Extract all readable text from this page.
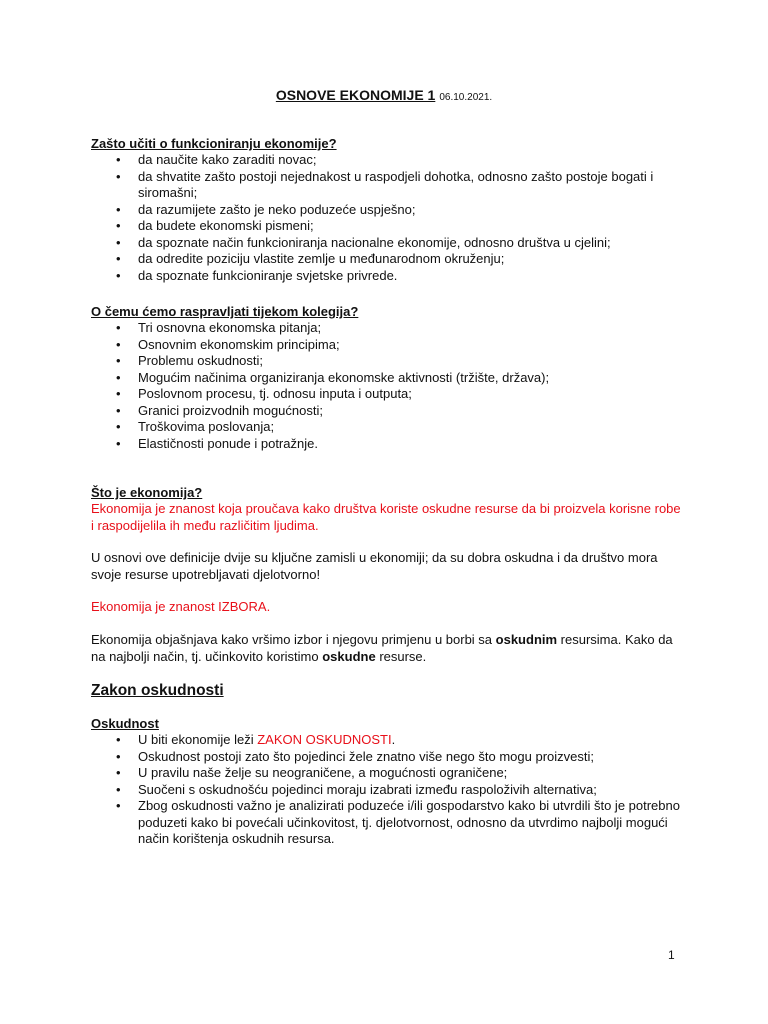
OSNOVE EKONOMIJE 1 06.10.2021.
Zašto učiti o funkcioniranju ekonomije?
• da naučite kako zaraditi novac;
• da shvatite zašto postoji nejednakost u raspodjeli dohotka, odnosno zašto postoje bogati i siromašni;
• da razumijete zašto je neko poduzeće uspješno;
• da budete ekonomski pismeni;
• da spoznate način funkcioniranja nacionalne ekonomije, odnosno društva u cjelini;
• da odredite poziciju vlastite zemlje u međunarodnom okruženju;
• da spoznate funkcioniranje svjetske privrede.
O čemu ćemo raspravljati tijekom kolegija?
• Tri osnovna ekonomska pitanja;
• Osnovnim ekonomskim principima;
• Problemu oskudnosti;
• Mogućim načinima organiziranja ekonomske aktivnosti (tržište, država);
• Poslovnom procesu, tj. odnosu inputa i outputa;
• Granici proizvodnih mogućnosti;
• Troškovima poslovanja;
• Elastičnosti ponude i potražnje.
Što je ekonomija?

Ekonomija je znanost koja proučava kako društva koriste oskudne resurse da bi proizvela korisne robe i raspodijelila ih među različitim ljudima.

U osnovi ove definicije dvije su ključne zamisli u ekonomiji; da su dobra oskudna i da društvo mora svoje resurse upotrebljavati djelotvorno!

Ekonomija je znanost IZBORA.

Ekonomija objašnjava kako vršimo izbor i njegovu primjenu u borbi sa oskudnim resursima. Kako da na najbolji način, tj. učinkovito koristimo oskudne resurse.

Zakon oskudnosti
Oskudnost
• U biti ekonomije leži ZAKON OSKUDNOSTI.
• Oskudnost postoji zato što pojedinci žele znatno više nego što mogu proizvesti;
• U pravilu naše želje su neograničene, a mogućnosti ograničene;
• Suočeni s oskudnošću pojedinci moraju izabrati između raspoloživih alternativa;
• Zbog oskudnosti važno je analizirati poduzeće i/ili gospodarstvo kako bi utvrdili što je potrebno poduzeti kako bi povećali učinkovitost, tj. djelotvornost, odnosno da utvrdimo najbolji mogući način korištenja oskudnih resursa.
1
